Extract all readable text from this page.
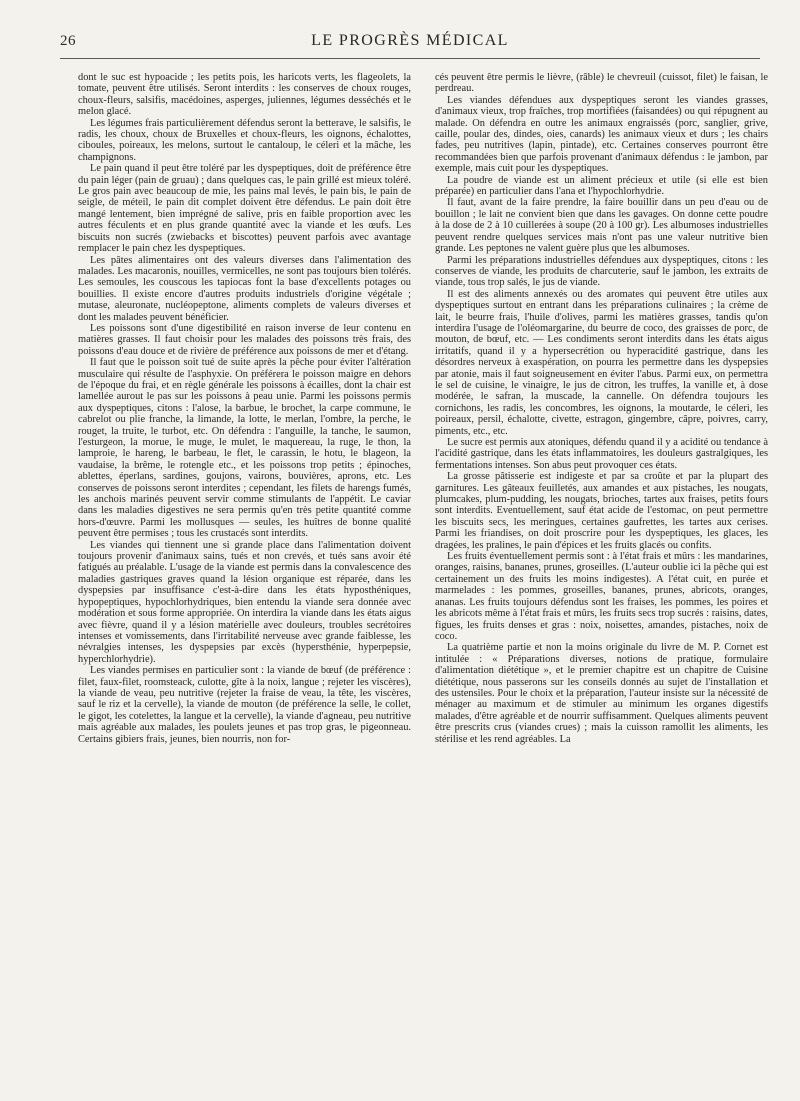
26	LE PROGRÈS MÉDICAL

dont le suc est hypoacide ; les petits pois, les haricots verts, les flageolets, la tomate, peuvent être utilisés. Seront interdits : les conserves de choux rouges, choux-fleurs, salsifis, macédoines, asperges, juliennes, légumes desséchés et le melon glacé.

Les légumes frais particulièrement défendus seront la betterave, le salsifis, le radis, les choux, choux de Bruxelles et choux-fleurs, les oignons, échalottes, ciboules, poireaux, les melons, surtout le cantaloup, le céleri et la mâche, les champignons.

Le pain quand il peut être toléré par les dyspeptiques, doit de préférence être du pain léger (pain de gruau) ; dans quelques cas, le pain grillé est mieux toléré. Le gros pain avec beaucoup de mie, les pains mal levés, le pain bis, le pain de seigle, de méteil, le pain dit complet doivent être défendus. Le pain doit être mangé lentement, bien imprégné de salive, pris en faible proportion avec les autres féculents et en plus grande quantité avec la viande et les œufs. Les biscuits non sucrés (zwiebacks et biscottes) peuvent parfois avec avantage remplacer le pain chez les dyspeptiques.

Les pâtes alimentaires ont des valeurs diverses dans l'alimentation des malades. Les macaronis, nouilles, vermicelles, ne sont pas toujours bien tolérés. Les semoules, les couscous les tapiocas font la base d'excellents potages ou bouillies. Il existe encore d'autres produits industriels d'origine végétale ; mutase, aleuronate, nucléopeptone, aliments complets de valeurs diverses et dont les malades peuvent bénéficier.

Les poissons sont d'une digestibilité en raison inverse de leur contenu en matières grasses. Il faut choisir pour les malades des poissons très frais, des poissons d'eau douce et de rivière de préférence aux poissons de mer et d'étang.

Il faut que le poisson soit tué de suite après la pêche pour éviter l'altération musculaire qui résulte de l'asphyxie. On préférera le poisson maigre en dehors de l'époque du frai, et en règle générale les poissons à écailles, dont la chair est lamellée aurout le pas sur les poissons à peau unie. Parmi les poissons permis aux dyspeptiques, citons : l'alose, la barbue, le brochet, la carpe commune, le cabrelot ou plie franche, la limande, la lotte, le merlan, l'ombre, la perche, le rouget, la truite, le turbot, etc. On défendra : l'anguille, la tanche, le saumon, l'esturgeon, la morue, le muge, le mulet, le maquereau, la ruge, le thon, la lamproie, le hareng, le barbeau, le flet, le carassin, le hotu, le blageon, la vaudaise, la brême, le rotengle etc., et les poissons trop petits ; épinoches, ablettes, éperlans, sardines, goujons, vairons, bouvières, aprons, etc. Les conserves de poissons seront interdites ; cependant, les filets de harengs fumés, les anchois marinés peuvent servir comme stimulants de l'appétit. Le caviar dans les maladies digestives ne sera permis qu'en très petite quantité comme hors-d'œuvre. Parmi les mollusques — seules, les huîtres de bonne qualité peuvent être permises ; tous les crustacés sont interdits.

Les viandes qui tiennent une si grande place dans l'alimentation doivent toujours provenir d'animaux sains, tués et non crevés, et tués sans avoir été fatigués au préalable. L'usage de la viande est permis dans la convalescence des maladies gastriques graves quand la lésion organique est réparée, dans les dyspepsies par insuffisance c'est-à-dire dans les états hyposthéniques, hypopeptiques, hypochlorhydriques, bien entendu la viande sera donnée avec modération et sous forme appropriée. On interdira la viande dans les états aigus avec fièvre, quand il y a lésion matérielle avec douleurs, troubles secrétoires intenses et vomissements, dans l'irritabilité nerveuse avec grande faiblesse, les névralgies intenses, les dyspepsies par excès (hypersthénie, hyperpepsie, hyperchlorhydrie).

Les viandes permises en particulier sont : la viande de bœuf (de préférence : filet, faux-filet, roomsteack, culotte, gîte à la noix, langue ; rejeter les viscères), la viande de veau, peu nutritive (rejeter la fraise de veau, la tête, les viscères, sauf le riz et la cervelle), la viande de mouton (de préférence la selle, le collet, le gigot, les cotelettes, la langue et la cervelle), la viande d'agneau, peu nutritive mais agréable aux malades, les poulets jeunes et pas trop gras, le pigeonneau. Certains gibiers frais, jeunes, bien nourris, non for-

cés peuvent être permis le lièvre, (râble) le chevreuil (cuissot, filet) le faisan, le perdreau.

Les viandes défendues aux dyspeptiques seront les viandes grasses, d'animaux vieux, trop fraîches, trop mortifiées (faisandées) ou qui répugnent au malade. On défendra en outre les animaux engraissés (porc, sanglier, grive, caille, poular des, dindes, oies, canards) les animaux vieux et durs ; les chairs fades, peu nutritives (lapin, pintade), etc. Certaines conserves pourront être recommandées bien que parfois provenant d'animaux défendus : le jambon, par exemple, mais cuit pour les dyspeptiques.

La poudre de viande est un aliment précieux et utile (si elle est bien préparée) en particulier dans l'ana et l'hypochlorhydrie.

Il faut, avant de la faire prendre, la faire bouillir dans un peu d'eau ou de bouillon ; le lait ne convient bien que dans les gavages. On donne cette poudre à la dose de 2 à 10 cuillerées à soupe (20 à 100 gr). Les albumoses industrielles peuvent rendre quelques services mais n'ont pas une valeur nutritive bien grande. Les peptones ne valent guère plus que les albumoses.

Parmi les préparations industrielles défendues aux dyspeptiques, citons : les conserves de viande, les produits de charcuterie, sauf le jambon, les extraits de viande, tous trop salés, le jus de viande.

Il est des aliments annexés ou des aromates qui peuvent être utiles aux dyspeptiques surtout en entrant dans les préparations culinaires ; la crème de lait, le beurre frais, l'huile d'olives, parmi les matières grasses, tandis qu'on interdira l'usage de l'oléomargarine, du beurre de coco, des graisses de porc, de mouton, de bœuf, etc. — Les condiments seront interdits dans les états aigus irritatifs, quand il y a hypersecrétion ou hyperacidité gastrique, dans les désordres nerveux à exaspération, on pourra les permettre dans les dyspepsies par atonie, mais il faut soigneusement en éviter l'abus. Parmi eux, on permettra le sel de cuisine, le vinaigre, le jus de citron, les truffes, la vanille et, à dose modérée, le safran, la muscade, la cannelle. On défendra toujours les cornichons, les radis, les concombres, les oignons, la moutarde, le céleri, les poireaux, persil, échalotte, civette, estragon, gingembre, câpre, poivres, carry, piments, etc., etc.

Le sucre est permis aux atoniques, défendu quand il y a acidité ou tendance à l'acidité gastrique, dans les états inflammatoires, les douleurs gastralgiques, les fermentations intenses. Son abus peut provoquer ces états.

La grosse pâtisserie est indigeste et par sa croûte et par la plupart des garnitures. Les gâteaux feuilletés, aux amandes et aux pistaches, les nougats, plumcakes, plum-pudding, les nougats, brioches, tartes aux fraises, petits fours sont interdits. Eventuellement, sauf état acide de l'estomac, on peut permettre les biscuits secs, les meringues, certaines gaufrettes, les tartes aux cerises. Parmi les friandises, on doit proscrire pour les dyspeptiques, les glaces, les dragées, les pralines, le pain d'épices et les fruits glacés ou confits.

Les fruits éventuellement permis sont : à l'état frais et mûrs : les mandarines, oranges, raisins, bananes, prunes, groseilles. (L'auteur oublie ici la pêche qui est certainement un des fruits les moins indigestes). A l'état cuit, en purée et marmelades : les pommes, groseilles, bananes, prunes, abricots, oranges, ananas. Les fruits toujours défendus sont les fraises, les pommes, les poires et les abricots même à l'état frais et mûrs, les fruits secs trop sucrés : raisins, dates, figues, les fruits denses et gras : noix, noisettes, amandes, pistaches, noix de coco.

La quatrième partie et non la moins originale du livre de M. P. Cornet est intitulée : « Préparations diverses, notions de pratique, formulaire d'alimentation diététique », et le premier chapitre est un chapitre de Cuisine diététique, nous passerons sur les conseils donnés au sujet de l'installation et des ustensiles. Pour le choix et la préparation, l'auteur insiste sur la nécessité de ménager au maximum et de stimuler au minimum les organes digestifs malades, d'être agréable et de nourrir suffisamment. Quelques aliments peuvent être prescrits crus (viandes crues) ; mais la cuisson ramollit les aliments, les stérilise et les rend agréables. La
